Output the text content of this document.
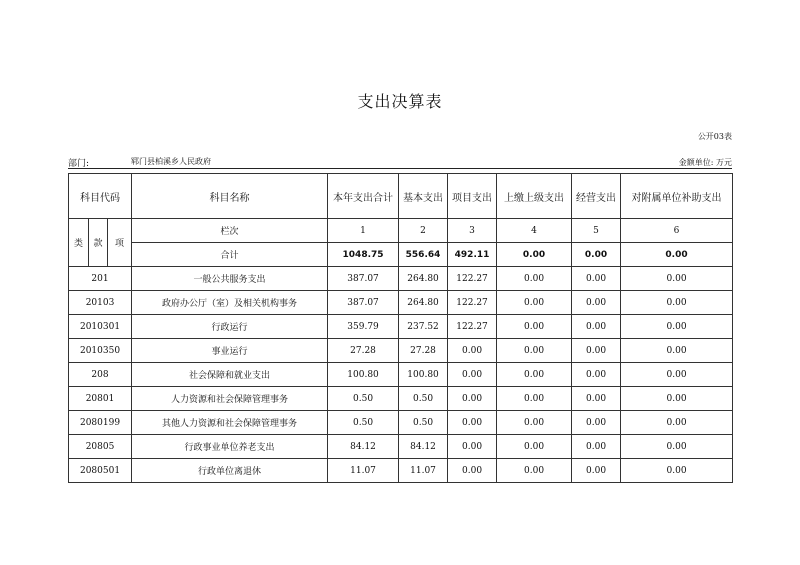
支出决算表
公开03表
部门:	郓门县柏溪乡人民政府	金额单位: 万元
科目代码			科目名称	本年支出合计	基本支出	项目支出	上缴上级支出	经营支出	对附属单位补助支出
类	款	项	栏次	1	2	3	4	5	6
			合计	1048.75	556.64	492.11	0.00	0.00	0.00
201			一般公共服务支出	387.07	264.80	122.27	0.00	0.00	0.00
20103			政府办公厅（室）及相关机构事务	387.07	264.80	122.27	0.00	0.00	0.00
2010301			行政运行	359.79	237.52	122.27	0.00	0.00	0.00
2010350			事业运行	27.28	27.28	0.00	0.00	0.00	0.00
208			社会保障和就业支出	100.80	100.80	0.00	0.00	0.00	0.00
20801			人力资源和社会保障管理事务	0.50	0.50	0.00	0.00	0.00	0.00
2080199			其他人力资源和社会保障管理事务	0.50	0.50	0.00	0.00	0.00	0.00
20805			行政事业单位养老支出	84.12	84.12	0.00	0.00	0.00	0.00
2080501			行政单位离退休	11.07	11.07	0.00	0.00	0.00	0.00
